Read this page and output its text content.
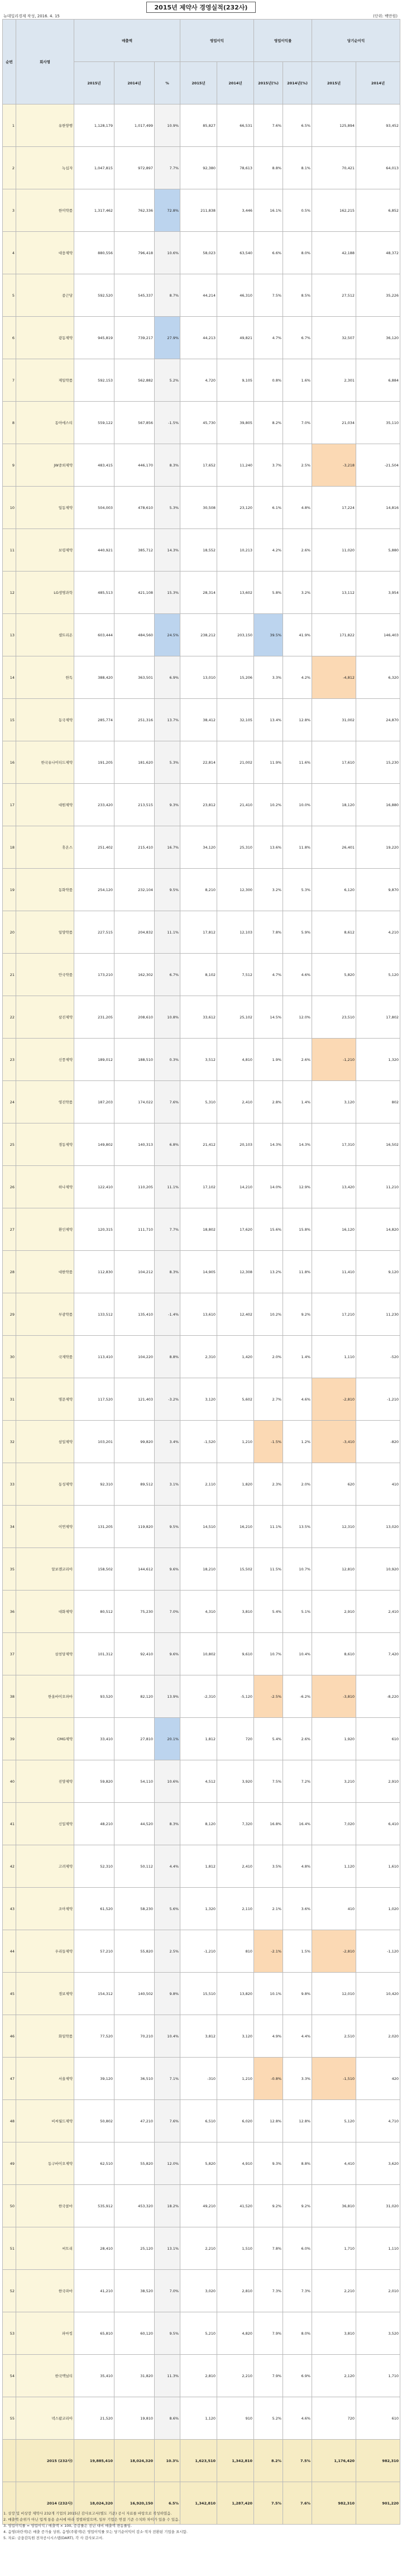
2015년 제약사 경영실적(232사)
뉴데일리경제 작성, 2016. 4. 15	(단위: 백만원)
순번	회사명	매출액			영업이익		영업이익률		당기순이익	
		2015년	2014년	%	2015년	2014년	2015년(%)	2014년(%)	2015년	2014년
1	유한양행	1,128,179	1,017,499	10.9%	85,827	66,531	7.6%	6.5%	125,894	93,452
2	녹십자	1,047,815	972,897	7.7%	92,380	78,613	8.8%	8.1%	70,421	64,013
3	한미약품	1,317,462	762,336	72.8%	211,838	3,446	16.1%	0.5%	162,215	6,852
4	대웅제약	880,556	796,418	10.6%	58,023	63,540	6.6%	8.0%	42,188	48,372
5	종근당	592,520	545,337	8.7%	44,214	46,310	7.5%	8.5%	27,512	35,226
6	광동제약	945,819	739,217	27.9%	44,213	49,821	4.7%	6.7%	32,507	36,120
7	제일약품	592,153	562,882	5.2%	4,720	9,105	0.8%	1.6%	2,301	6,884
8	동아에스티	559,122	567,856	-1.5%	45,730	39,805	8.2%	7.0%	21,034	35,110
9	JW중외제약	483,415	446,170	8.3%	17,652	11,240	3.7%	2.5%	-3,218	-21,504
10	일동제약	504,003	478,610	5.3%	30,508	23,120	6.1%	4.8%	17,224	14,816
11	보령제약	440,921	385,712	14.3%	18,552	10,213	4.2%	2.6%	11,020	5,880
12	LG생명과학	485,513	421,108	15.3%	28,314	13,602	5.8%	3.2%	13,112	3,954
13	셀트리온	603,444	484,560	24.5%	238,212	203,150	39.5%	41.9%	171,822	146,403
14	한독	388,420	363,501	6.9%	13,010	15,206	3.3%	4.2%	-4,812	6,320
15	동국제약	285,774	251,316	13.7%	38,412	32,105	13.4%	12.8%	31,002	24,870
16	한국유나이티드제약	191,205	181,620	5.3%	22,814	21,002	11.9%	11.6%	17,610	15,230
17	대원제약	233,420	213,515	9.3%	23,812	21,410	10.2%	10.0%	18,120	16,880
18	휴온스	251,402	215,410	16.7%	34,120	25,310	13.6%	11.8%	26,401	19,220
19	동화약품	254,120	232,104	9.5%	8,210	12,300	3.2%	5.3%	6,120	9,870
20	일양약품	227,515	204,832	11.1%	17,812	12,103	7.8%	5.9%	8,612	4,210
21	안국약품	173,210	162,302	6.7%	8,102	7,512	4.7%	4.6%	5,820	5,120
22	삼진제약	231,205	208,610	10.8%	33,612	25,102	14.5%	12.0%	23,510	17,802
23	신풍제약	189,012	188,510	0.3%	3,512	4,810	1.9%	2.6%	-1,210	1,320
24	영진약품	187,203	174,022	7.6%	5,310	2,410	2.8%	1.4%	3,120	802
25	경동제약	149,802	140,313	6.8%	21,412	20,103	14.3%	14.3%	17,310	16,502
26	하나제약	122,410	110,205	11.1%	17,102	14,210	14.0%	12.9%	13,420	11,210
27	환인제약	120,315	111,710	7.7%	18,802	17,620	15.6%	15.8%	16,120	14,820
28	대한약품	112,830	104,212	8.3%	14,905	12,308	13.2%	11.8%	11,410	9,120
29	부광약품	133,512	135,410	-1.4%	13,610	12,402	10.2%	9.2%	17,210	11,230
30	국제약품	113,410	104,220	8.8%	2,310	1,420	2.0%	1.4%	1,110	-520
31	명문제약	117,520	121,403	-3.2%	3,120	5,602	2.7%	4.6%	-2,810	-1,210
32	삼일제약	103,201	99,820	3.4%	-1,520	1,210	-1.5%	1.2%	-3,410	-820
33	동성제약	92,310	89,512	3.1%	2,110	1,820	2.3%	2.0%	620	410
34	이연제약	131,205	119,820	9.5%	14,510	16,210	11.1%	13.5%	12,310	13,020
35	알보젠코리아	158,502	144,612	9.6%	18,210	15,502	11.5%	10.7%	12,810	10,920
36	대화제약	80,512	75,230	7.0%	4,310	3,810	5.4%	5.1%	2,910	2,410
37	삼천당제약	101,312	92,410	9.6%	10,802	9,610	10.7%	10.4%	8,610	7,420
38	한올바이오파마	93,520	82,120	13.9%	-2,310	-5,120	-2.5%	-6.2%	-3,810	-8,220
39	CMG제약	33,410	27,810	20.1%	1,812	720	5.4%	2.6%	1,920	610
40	진양제약	59,820	54,110	10.6%	4,512	3,920	7.5%	7.2%	3,210	2,910
41	신일제약	48,210	44,520	8.3%	8,120	7,320	16.8%	16.4%	7,020	6,410
42	고려제약	52,310	50,112	4.4%	1,812	2,410	3.5%	4.8%	1,120	1,610
43	조아제약	61,520	58,230	5.6%	1,320	2,110	2.1%	3.6%	410	1,020
44	우리들제약	57,210	55,820	2.5%	-1,210	810	-2.1%	1.5%	-2,810	-1,120
45	경보제약	154,312	140,502	9.8%	15,510	13,820	10.1%	9.8%	12,010	10,420
46	화일약품	77,520	70,210	10.4%	3,812	3,120	4.9%	4.4%	2,510	2,020
47	서울제약	39,120	36,510	7.1%	-310	1,210	-0.8%	3.3%	-1,510	420
48	비씨월드제약	50,802	47,210	7.6%	6,510	6,020	12.8%	12.8%	5,120	4,710
49	동구바이오제약	62,510	55,820	12.0%	5,820	4,910	9.3%	8.8%	4,410	3,620
50	한국콜마	535,912	453,320	18.2%	49,210	41,520	9.2%	9.2%	36,810	31,020
51	씨트리	28,410	25,120	13.1%	2,210	1,510	7.8%	6.0%	1,710	1,110
52	한국파마	41,210	38,520	7.0%	3,020	2,810	7.3%	7.3%	2,210	2,010
53	파마킹	65,810	60,120	9.5%	5,210	4,820	7.9%	8.0%	3,810	3,520
54	한국맥널티	35,410	31,820	11.3%	2,810	2,210	7.9%	6.9%	2,120	1,710
55	넥스팜코리아	21,520	19,810	8.6%	1,120	910	5.2%	4.6%	720	610
	2015 (232사)	19,885,410	18,024,320	10.3%	1,623,510	1,342,810	8.2%	7.5%	1,176,420	982,310
	2014 (232사)	18,024,320	16,920,150	6.5%	1,342,810	1,287,420	7.5%	7.6%	982,310	901,220
1. 상장 및 비상장 제약사 232개 기업의 2015년 감사보고서(별도 기준) 공시 자료를 바탕으로 작성하였음.
2. 매출액 순위가 아닌 업계 통용 순서에 따라 정렬하였으며, 일부 기업은 연결 기준 수치와 차이가 있을 수 있음.
3. 영업이익률 = 영업이익 / 매출액 × 100, 증감률은 전년 대비 매출액 변동률임.
4. 음영(파란색)은 매출 증가율 상위, 음영(주황색)은 영업이익률 또는 당기순이익이 감소·적자 전환된 기업을 표시함.
5. 자료: 금융감독원 전자공시시스템(DART), 각 사 감사보고서.
